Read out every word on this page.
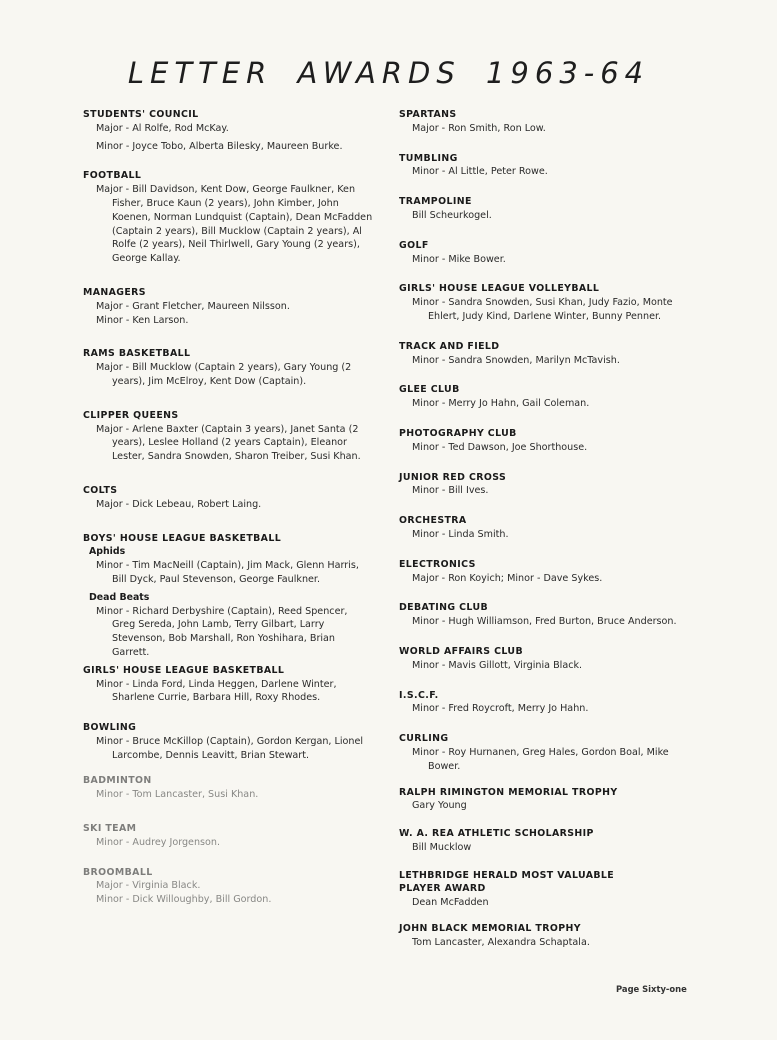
LETTER AWARDS 1963-64
STUDENTS' COUNCIL
Major - Al Rolfe, Rod McKay.
Minor - Joyce Tobo, Alberta Bilesky, Maureen Burke.
FOOTBALL
Major - Bill Davidson, Kent Dow, George Faulkner, Ken Fisher, Bruce Kaun (2 years), John Kimber, John Koenen, Norman Lundquist (Captain), Dean McFadden (Captain 2 years), Bill Mucklow (Captain 2 years), Al Rolfe (2 years), Neil Thirlwell, Gary Young (2 years), George Kallay.
MANAGERS
Major - Grant Fletcher, Maureen Nilsson.
Minor - Ken Larson.
RAMS BASKETBALL
Major - Bill Mucklow (Captain 2 years), Gary Young (2 years), Jim McElroy, Kent Dow (Captain).
CLIPPER QUEENS
Major - Arlene Baxter (Captain 3 years), Janet Santa (2 years), Leslee Holland (2 years Captain), Eleanor Lester, Sandra Snowden, Sharon Treiber, Susi Khan.
COLTS
Major - Dick Lebeau, Robert Laing.
BOYS' HOUSE LEAGUE BASKETBALL
Aphids
Minor - Tim MacNeill (Captain), Jim Mack, Glenn Harris, Bill Dyck, Paul Stevenson, George Faulkner.
Dead Beats
Minor - Richard Derbyshire (Captain), Reed Spencer, Greg Sereda, John Lamb, Terry Gilbart, Larry Stevenson, Bob Marshall, Ron Yoshihara, Brian Garrett.
GIRLS' HOUSE LEAGUE BASKETBALL
Minor - Linda Ford, Linda Heggen, Darlene Winter, Sharlene Currie, Barbara Hill, Roxy Rhodes.
BOWLING
Minor - Bruce McKillop (Captain), Gordon Kergan, Lionel Larcombe, Dennis Leavitt, Brian Stewart.
BADMINTON
Minor - Tom Lancaster, Susi Khan.
SKI TEAM
Minor - Audrey Jorgenson.
BROOMBALL
Major - Virginia Black.
Minor - Dick Willoughby, Bill Gordon.
SPARTANS
Major - Ron Smith, Ron Low.
TUMBLING
Minor - Al Little, Peter Rowe.
TRAMPOLINE
Bill Scheurkogel.
GOLF
Minor - Mike Bower.
GIRLS' HOUSE LEAGUE VOLLEYBALL
Minor - Sandra Snowden, Susi Khan, Judy Fazio, Monte Ehlert, Judy Kind, Darlene Winter, Bunny Penner.
TRACK AND FIELD
Minor - Sandra Snowden, Marilyn McTavish.
GLEE CLUB
Minor - Merry Jo Hahn, Gail Coleman.
PHOTOGRAPHY CLUB
Minor - Ted Dawson, Joe Shorthouse.
JUNIOR RED CROSS
Minor - Bill Ives.
ORCHESTRA
Minor - Linda Smith.
ELECTRONICS
Major - Ron Koyich; Minor - Dave Sykes.
DEBATING CLUB
Minor - Hugh Williamson, Fred Burton, Bruce Anderson.
WORLD AFFAIRS CLUB
Minor - Mavis Gillott, Virginia Black.
I.S.C.F.
Minor - Fred Roycroft, Merry Jo Hahn.
CURLING
Minor - Roy Hurnanen, Greg Hales, Gordon Boal, Mike Bower.
RALPH RIMINGTON MEMORIAL TROPHY
Gary Young
W. A. REA ATHLETIC SCHOLARSHIP
Bill Mucklow
LETHBRIDGE HERALD MOST VALUABLE PLAYER AWARD
Dean McFadden
JOHN BLACK MEMORIAL TROPHY
Tom Lancaster, Alexandra Schaptala.
Page Sixty-one
